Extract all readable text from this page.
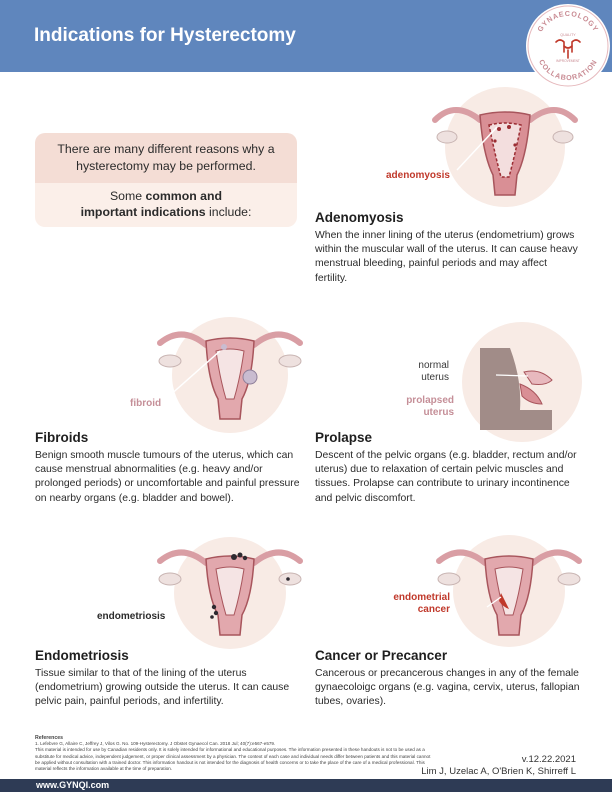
Indications for Hysterectomy	GYNAECOLOGY
COLLABORATION
QUALITY
IMPROVEMENT
There are many different reasons why a
hysterectomy may be performed.
Some common and
important indications include:
adenomyosis
Adenomyosis
When the inner lining of the uterus (endometrium) grows within the muscular wall of the uterus. It can cause heavy menstrual bleeding, painful periods and may affect fertility.
fibroid
Fibroids
Benign smooth muscle tumours of the uterus, which can cause menstrual abnormalities (e.g. heavy and/or prolonged periods) or uncomfortable and painful pressure on nearby organs (e.g. bladder and bowel).
normal
uterus
prolapsed
uterus
Prolapse
Descent of the pelvic organs (e.g. bladder, rectum and/or uterus) due to relaxation of certain pelvic muscles and tissues. Prolapse can contribute to urinary incontinence and pelvic discomfort.
endometriosis
Endometriosis
Tissue similar to that of the lining of the uterus (endometrium) growing outside the uterus. It can cause pelvic pain, painful periods, and infertility.
endometrial
cancer
Cancer or Precancer
Cancerous or precancerous changes in any of the female gynaecoloigc organs (e.g. vagina, cervix, uterus, fallopian tubes, ovaries).
References
1. Lefebvre G, Allaire C, Jeffrey J, Vilos G. No. 109-Hysterectomy. J Obstet Gynaecol Can. 2018 Jul; 40(7):e567-e579.
This material is intended for use by Canadian residents only. It is solely intended for informational and educational purposes. The information presented in these handouts is not to be used as a substitute for medical advice, independent judgement, or proper clinical assessment by a physician. The context of each case and individual needs differ between patients and this material cannot be applied without consultation with a trained doctor. This information handout is not intended for the diagnosis of health concerns or to take the place of the care of a medical professional. This material reflects the information available at the time of preparation.
v.12.22.2021
Lim J, Uzelac A, O'Brien K, Shirreff L
www.GYNQI.com
